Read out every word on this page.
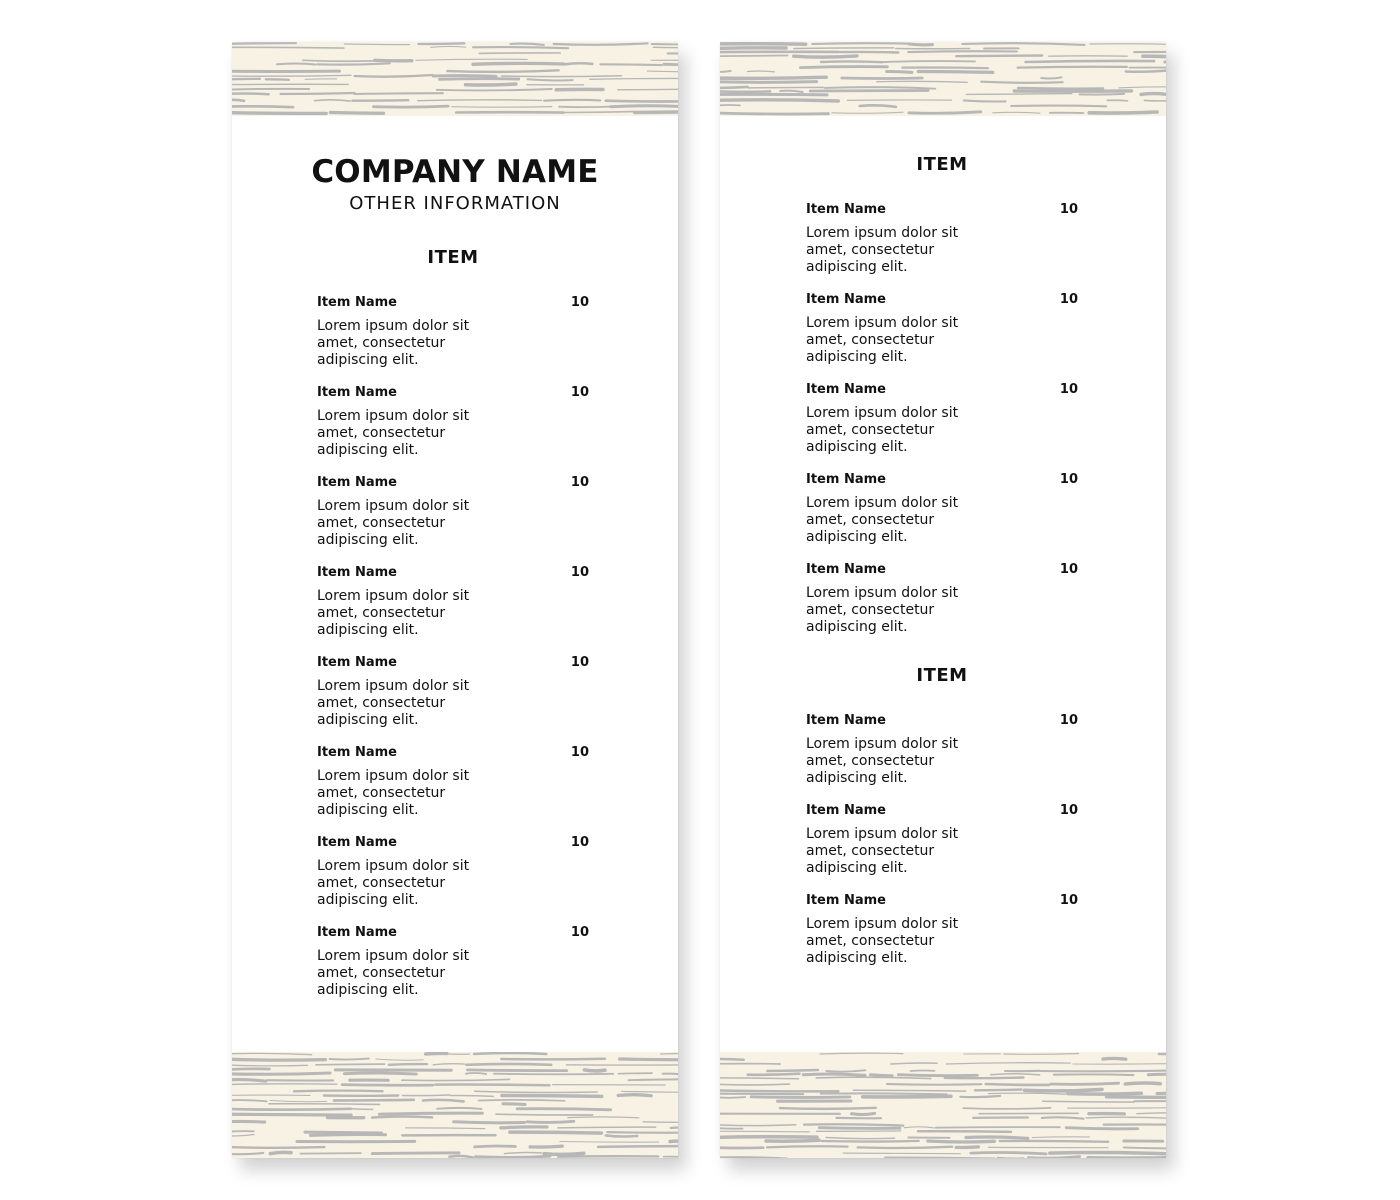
COMPANY NAME
OTHER INFORMATION
ITEM
Item Name	10
Lorem ipsum dolor sit amet, consectetur adipiscing elit.
Item Name	10
Lorem ipsum dolor sit amet, consectetur adipiscing elit.
Item Name	10
Lorem ipsum dolor sit amet, consectetur adipiscing elit.
Item Name	10
Lorem ipsum dolor sit amet, consectetur adipiscing elit.
Item Name	10
Lorem ipsum dolor sit amet, consectetur adipiscing elit.
Item Name	10
Lorem ipsum dolor sit amet, consectetur adipiscing elit.
Item Name	10
Lorem ipsum dolor sit amet, consectetur adipiscing elit.
Item Name	10
Lorem ipsum dolor sit amet, consectetur adipiscing elit.
ITEM
Item Name	10
Lorem ipsum dolor sit amet, consectetur adipiscing elit.
Item Name	10
Lorem ipsum dolor sit amet, consectetur adipiscing elit.
Item Name	10
Lorem ipsum dolor sit amet, consectetur adipiscing elit.
Item Name	10
Lorem ipsum dolor sit amet, consectetur adipiscing elit.
Item Name	10
Lorem ipsum dolor sit amet, consectetur adipiscing elit.
ITEM
Item Name	10
Lorem ipsum dolor sit amet, consectetur adipiscing elit.
Item Name	10
Lorem ipsum dolor sit amet, consectetur adipiscing elit.
Item Name	10
Lorem ipsum dolor sit amet, consectetur adipiscing elit.
